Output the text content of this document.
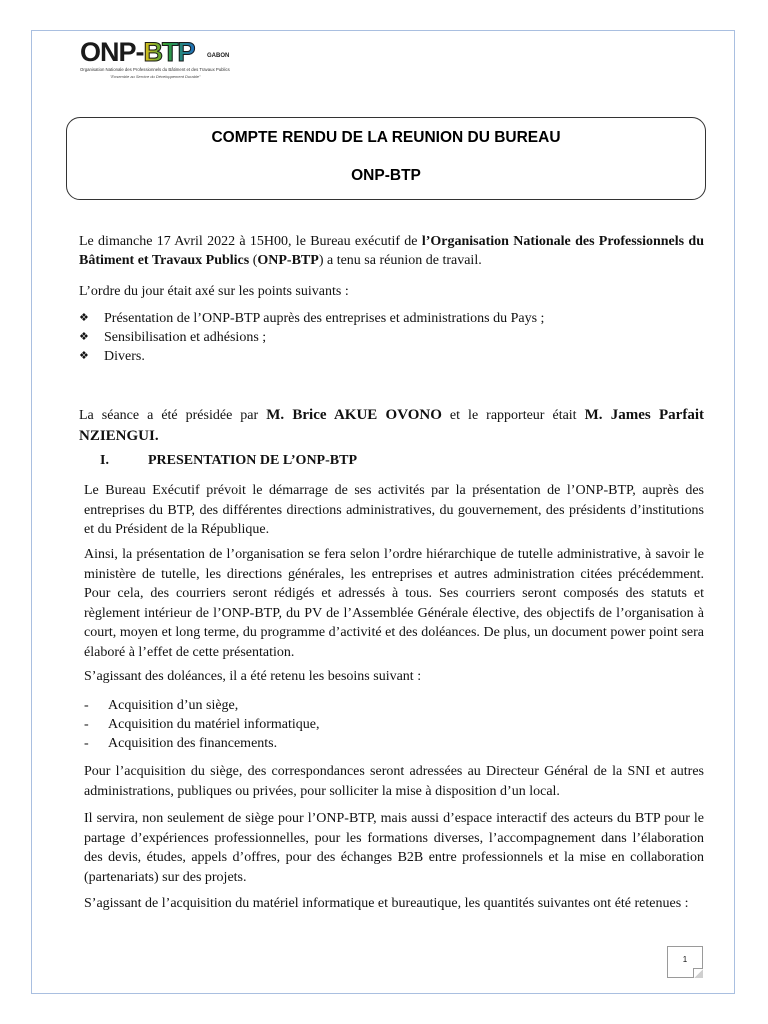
ONP-BTP GABON
Organisation Nationale des Professionnels du Bâtiment et des Travaux Publics
"Ensemble au Service du Développement Durable"
COMPTE RENDU DE LA REUNION DU BUREAU
ONP-BTP

Le dimanche 17 Avril 2022 à 15H00, le Bureau exécutif de l’Organisation Nationale des Professionnels du Bâtiment et Travaux Publics (ONP-BTP) a tenu sa réunion de travail.

L’ordre du jour était axé sur les points suivants :

❖ Présentation de l’ONP-BTP auprès des entreprises et administrations du Pays ;
❖ Sensibilisation et adhésions ;
❖ Divers.

La séance a été présidée par M. Brice AKUE OVONO et le rapporteur était M. James Parfait NZIENGUI.

I.	PRESENTATION DE L’ONP-BTP

Le Bureau Exécutif prévoit le démarrage de ses activités par la présentation de l’ONP-BTP, auprès des entreprises du BTP, des différentes directions administratives, du gouvernement, des présidents d’institutions et du Président de la République.

Ainsi, la présentation de l’organisation se fera selon l’ordre hiérarchique de tutelle administrative, à savoir le ministère de tutelle, les directions générales, les entreprises et autres administration citées précédemment. Pour cela, des courriers seront rédigés et adressés à tous. Ses courriers seront composés des statuts et règlement intérieur de l’ONP-BTP, du PV de l’Assemblée Générale élective, des objectifs de l’organisation à court, moyen et long terme, du programme d’activité et des doléances. De plus, un document power point sera élaboré à l’effet de cette présentation.

S’agissant des doléances, il a été retenu les besoins suivant :

- Acquisition d’un siège,
- Acquisition du matériel informatique,
- Acquisition des financements.

Pour l’acquisition du siège, des correspondances seront adressées au Directeur Général de la SNI et autres administrations, publiques ou privées, pour solliciter la mise à disposition d’un local.

Il servira, non seulement de siège pour l’ONP-BTP, mais aussi d’espace interactif des acteurs du BTP pour le partage d’expériences professionnelles, pour les formations diverses, l’accompagnement dans l’élaboration des devis, études, appels d’offres, pour des échanges B2B entre professionnels et la mise en collaboration (partenariats) sur des projets.

S’agissant de l’acquisition du matériel informatique et bureautique, les quantités suivantes ont été retenues :

1
